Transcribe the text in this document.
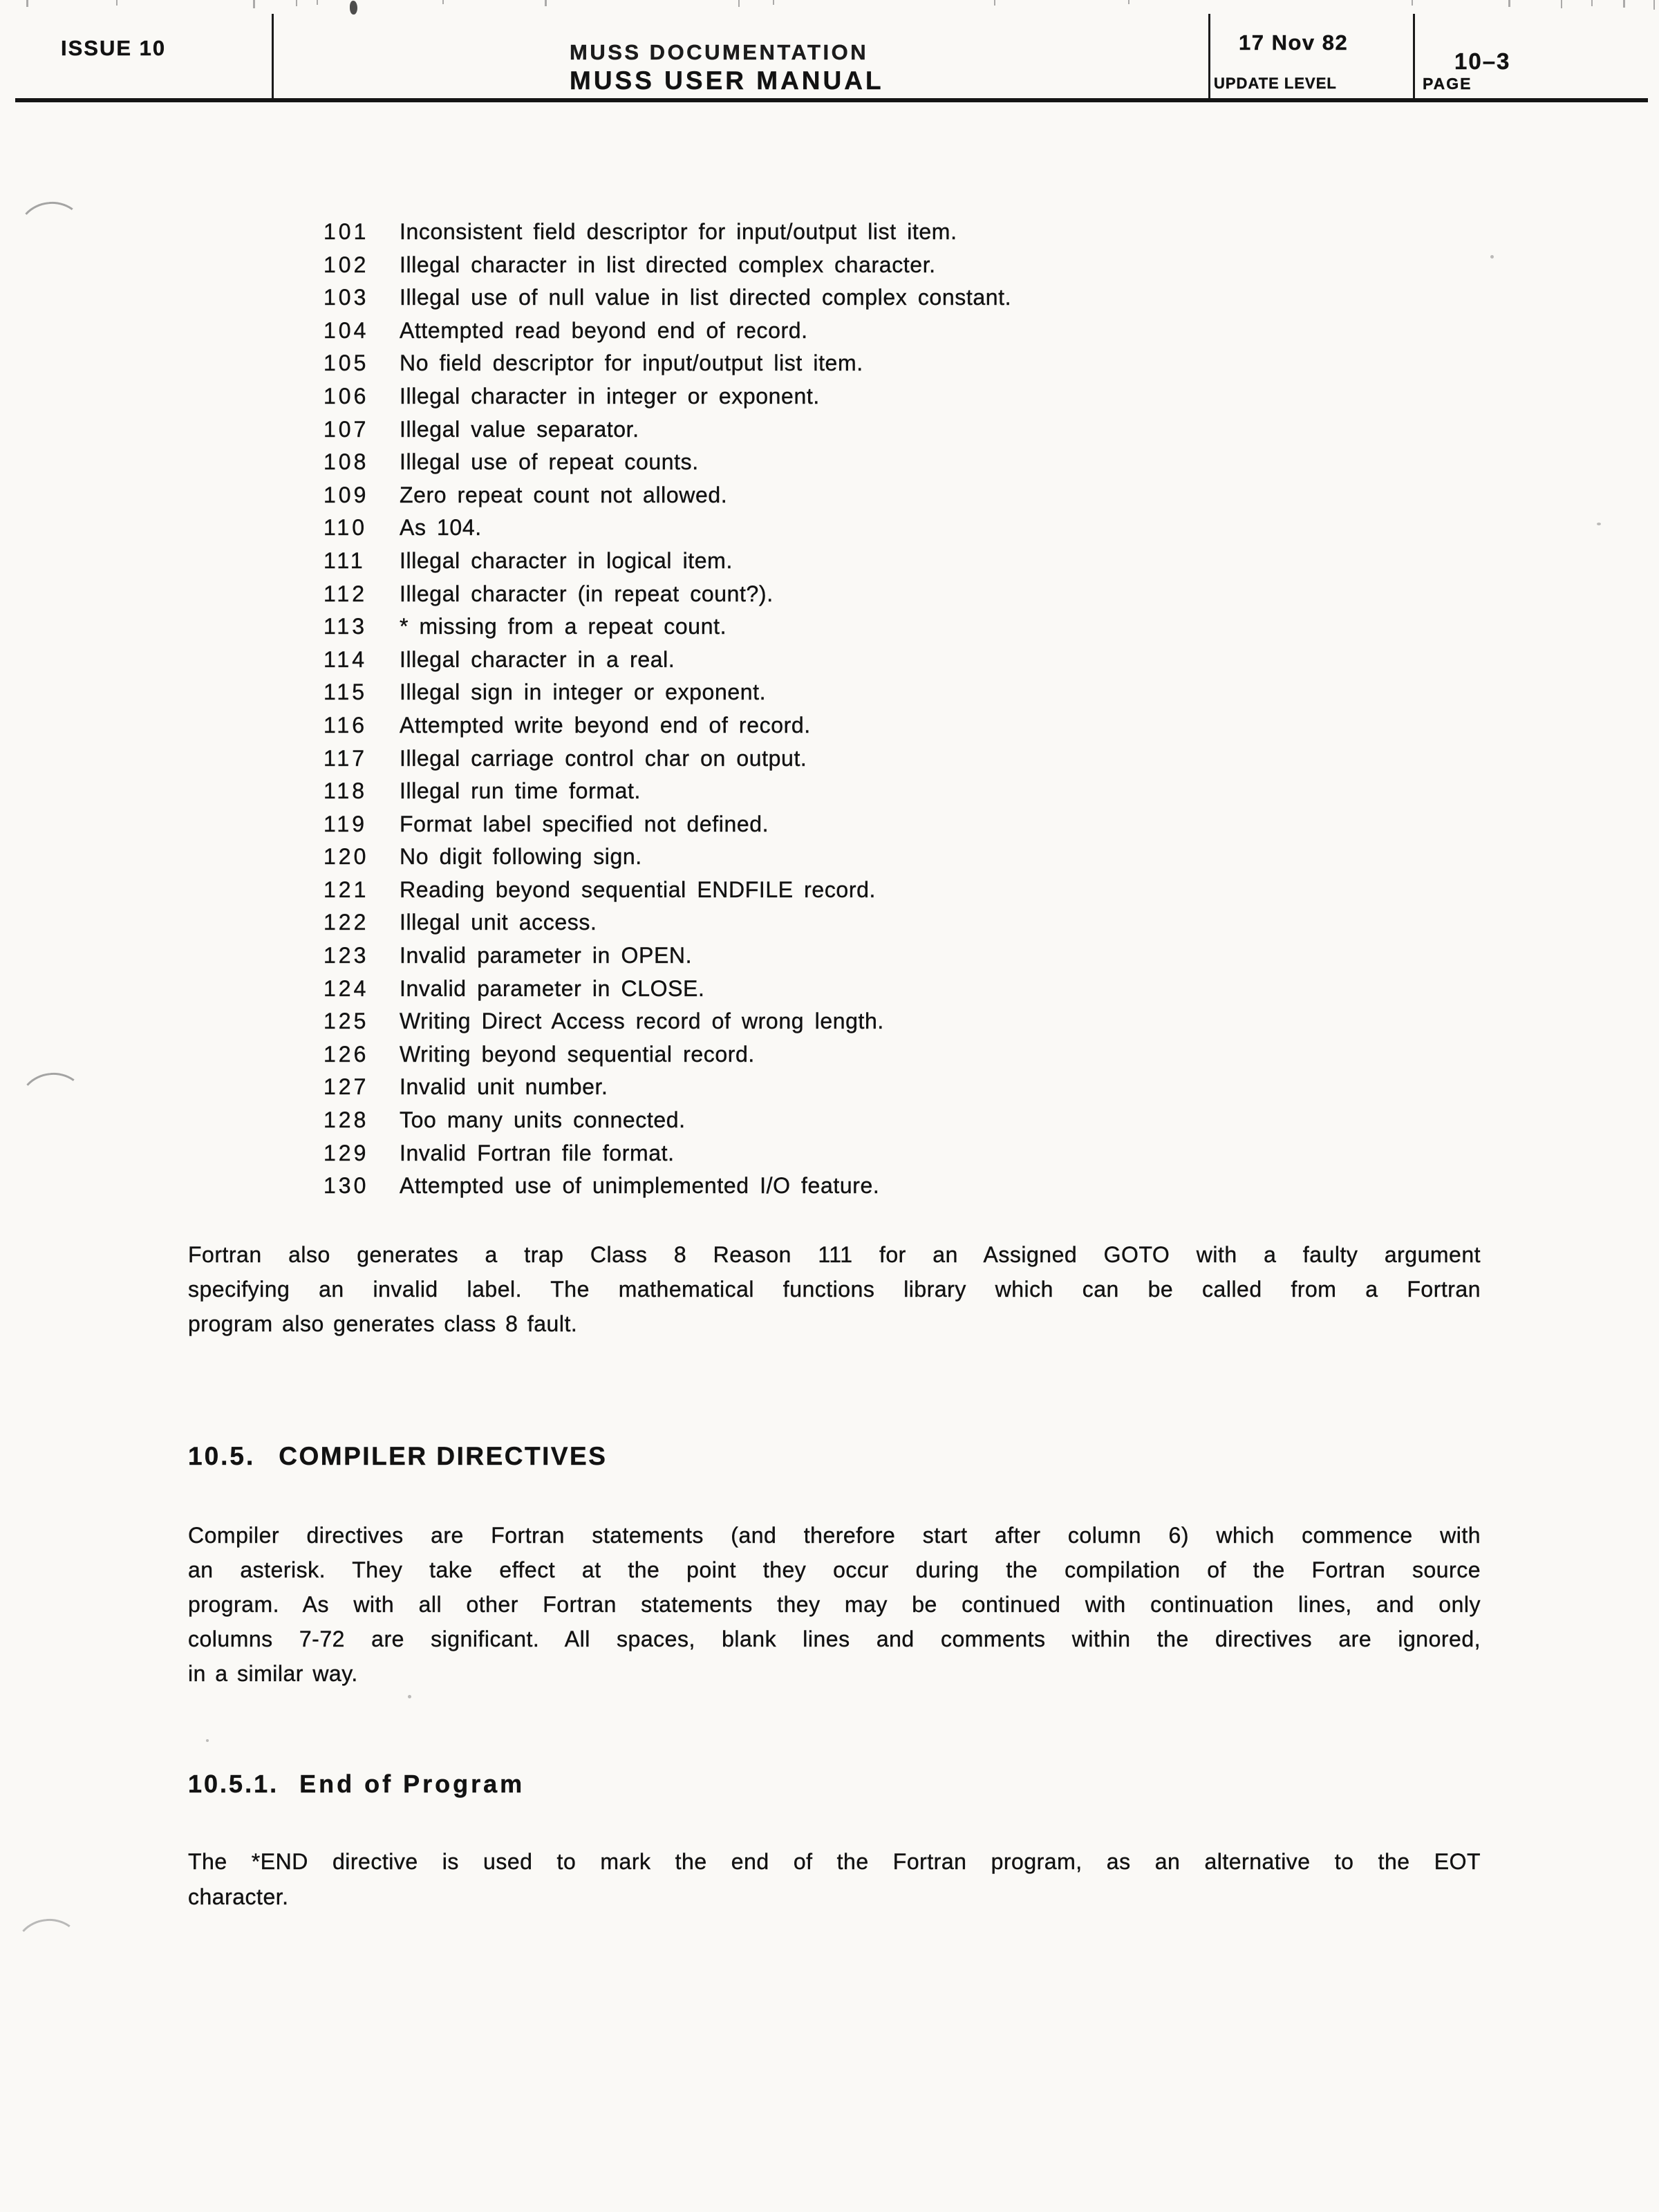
ISSUE 10	MUSS DOCUMENTATION
MUSS USER MANUAL
17 Nov 82
UPDATE LEVEL
10–3
PAGE
101	Inconsistent field descriptor for input/output list item.
102	Illegal character in list directed complex character.
103	Illegal use of null value in list directed complex constant.
104	Attempted read beyond end of record.
105	No field descriptor for input/output list item.
106	Illegal character in integer or exponent.
107	Illegal value separator.
108	Illegal use of repeat counts.
109	Zero repeat count not allowed.
110	As 104.
111	Illegal character in logical item.
112	Illegal character (in repeat count?).
113	* missing from a repeat count.
114	Illegal character in a real.
115	Illegal sign in integer or exponent.
116	Attempted write beyond end of record.
117	Illegal carriage control char on output.
118	Illegal run time format.
119	Format label specified not defined.
120	No digit following sign.
121	Reading beyond sequential ENDFILE record.
122	Illegal unit access.
123	Invalid parameter in OPEN.
124	Invalid parameter in CLOSE.
125	Writing Direct Access record of wrong length.
126	Writing beyond sequential record.
127	Invalid unit number.
128	Too many units connected.
129	Invalid Fortran file format.
130	Attempted use of unimplemented I/O feature.
Fortran also generates a trap Class 8 Reason 111 for an Assigned GOTO with a faulty argument
specifying an invalid label. The mathematical functions library which can be called from a Fortran
program also generates class 8 fault.
10.5. COMPILER DIRECTIVES
Compiler directives are Fortran statements (and therefore start after column 6) which commence with
an asterisk. They take effect at the point they occur during the compilation of the Fortran source
program. As with all other Fortran statements they may be continued with continuation lines, and only
columns 7-72 are significant. All spaces, blank lines and comments within the directives are ignored,
in a similar way.
10.5.1. End of Program
The *END directive is used to mark the end of the Fortran program, as an alternative to the EOT
character.
